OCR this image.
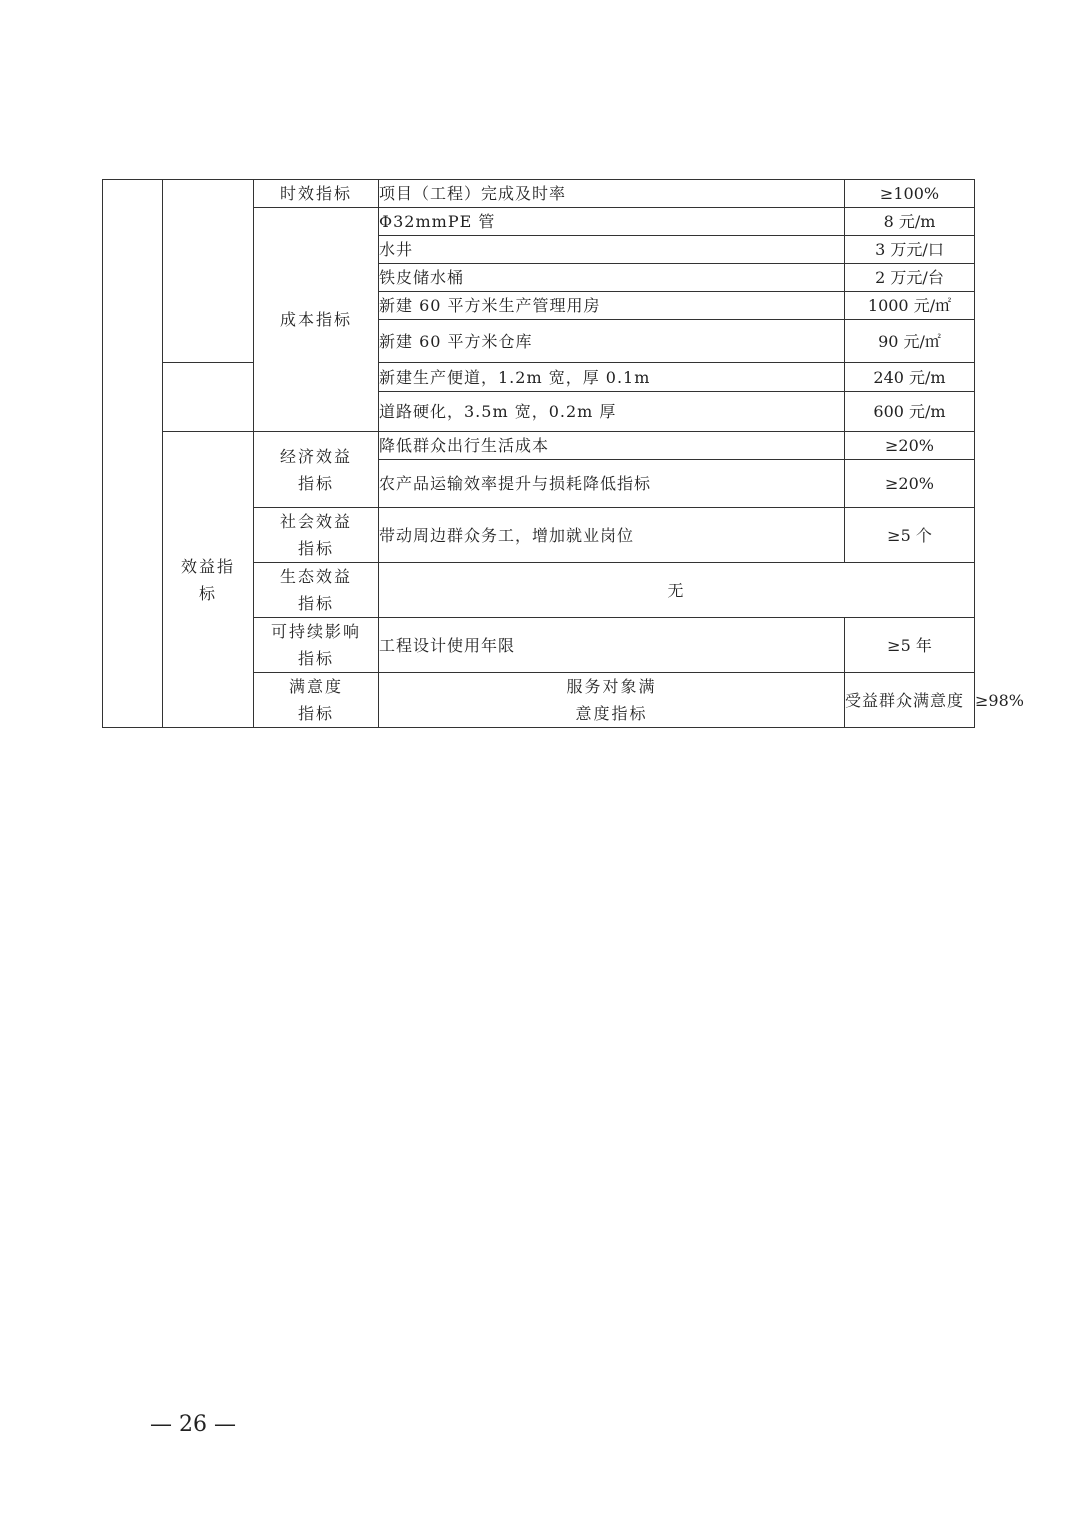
		时效指标	项目（工程）完成及时率	≥100%	
		成本指标	Φ32mmPE 管	8 元/m	
			水井	3 万元/口	
			铁皮储水桶	2 万元/台	
			新建 60 平方米生产管理用房	1000 元/㎡	
			新建 60 平方米仓库	90 元/㎡	
			新建生产便道，1.2m 宽，厚 0.1m	240 元/m	
			道路硬化，3.5m 宽，0.2m 厚	600 元/m	

	效益指标	经济效益指标	降低群众出行生活成本	≥20%	
			农产品运输效率提升与损耗降低指标	≥20%	

		社会效益指标	带动周边群众务工，增加就业岗位	≥5 个	

		生态效益指标	无		

		可持续影响指标	工程设计使用年限	≥5 年	

		满意度指标	服务对象满意度指标	受益群众满意度	≥98%
— 26 —
